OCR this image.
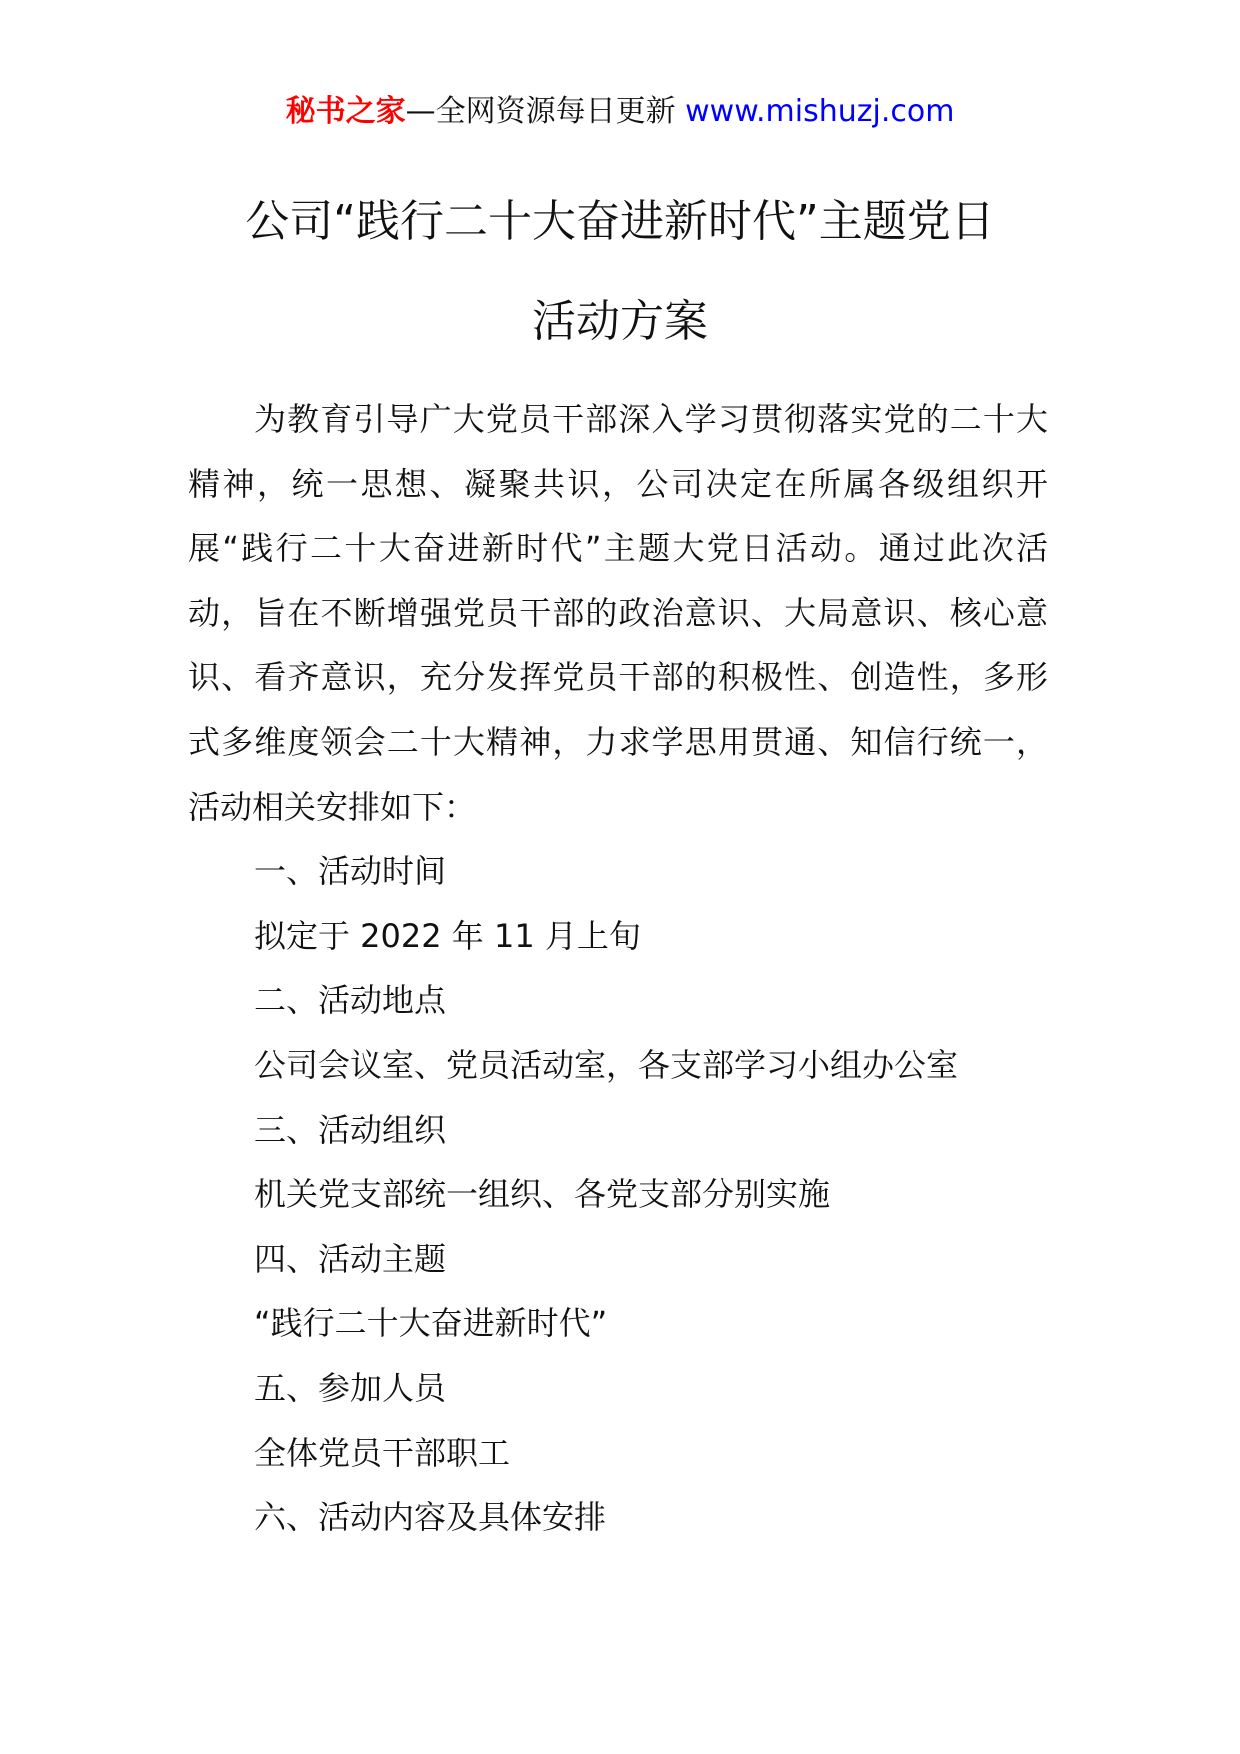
秘书之家—全网资源每日更新 www.mishuzj.com
公司“践行二十大奋进新时代”主题党日
活动方案

为教育引导广大党员干部深入学习贯彻落实党的二十大精神，统一思想、凝聚共识，公司决定在所属各级组织开展“践行二十大奋进新时代”主题大党日活动。通过此次活动，旨在不断增强党员干部的政治意识、大局意识、核心意识、看齐意识，充分发挥党员干部的积极性、创造性，多形式多维度领会二十大精神，力求学思用贯通、知信行统一，活动相关安排如下：

一、活动时间

拟定于 2022 年 11 月上旬

二、活动地点

公司会议室、党员活动室，各支部学习小组办公室

三、活动组织

机关党支部统一组织、各党支部分别实施

四、活动主题

“践行二十大奋进新时代”

五、参加人员

全体党员干部职工

六、活动内容及具体安排
